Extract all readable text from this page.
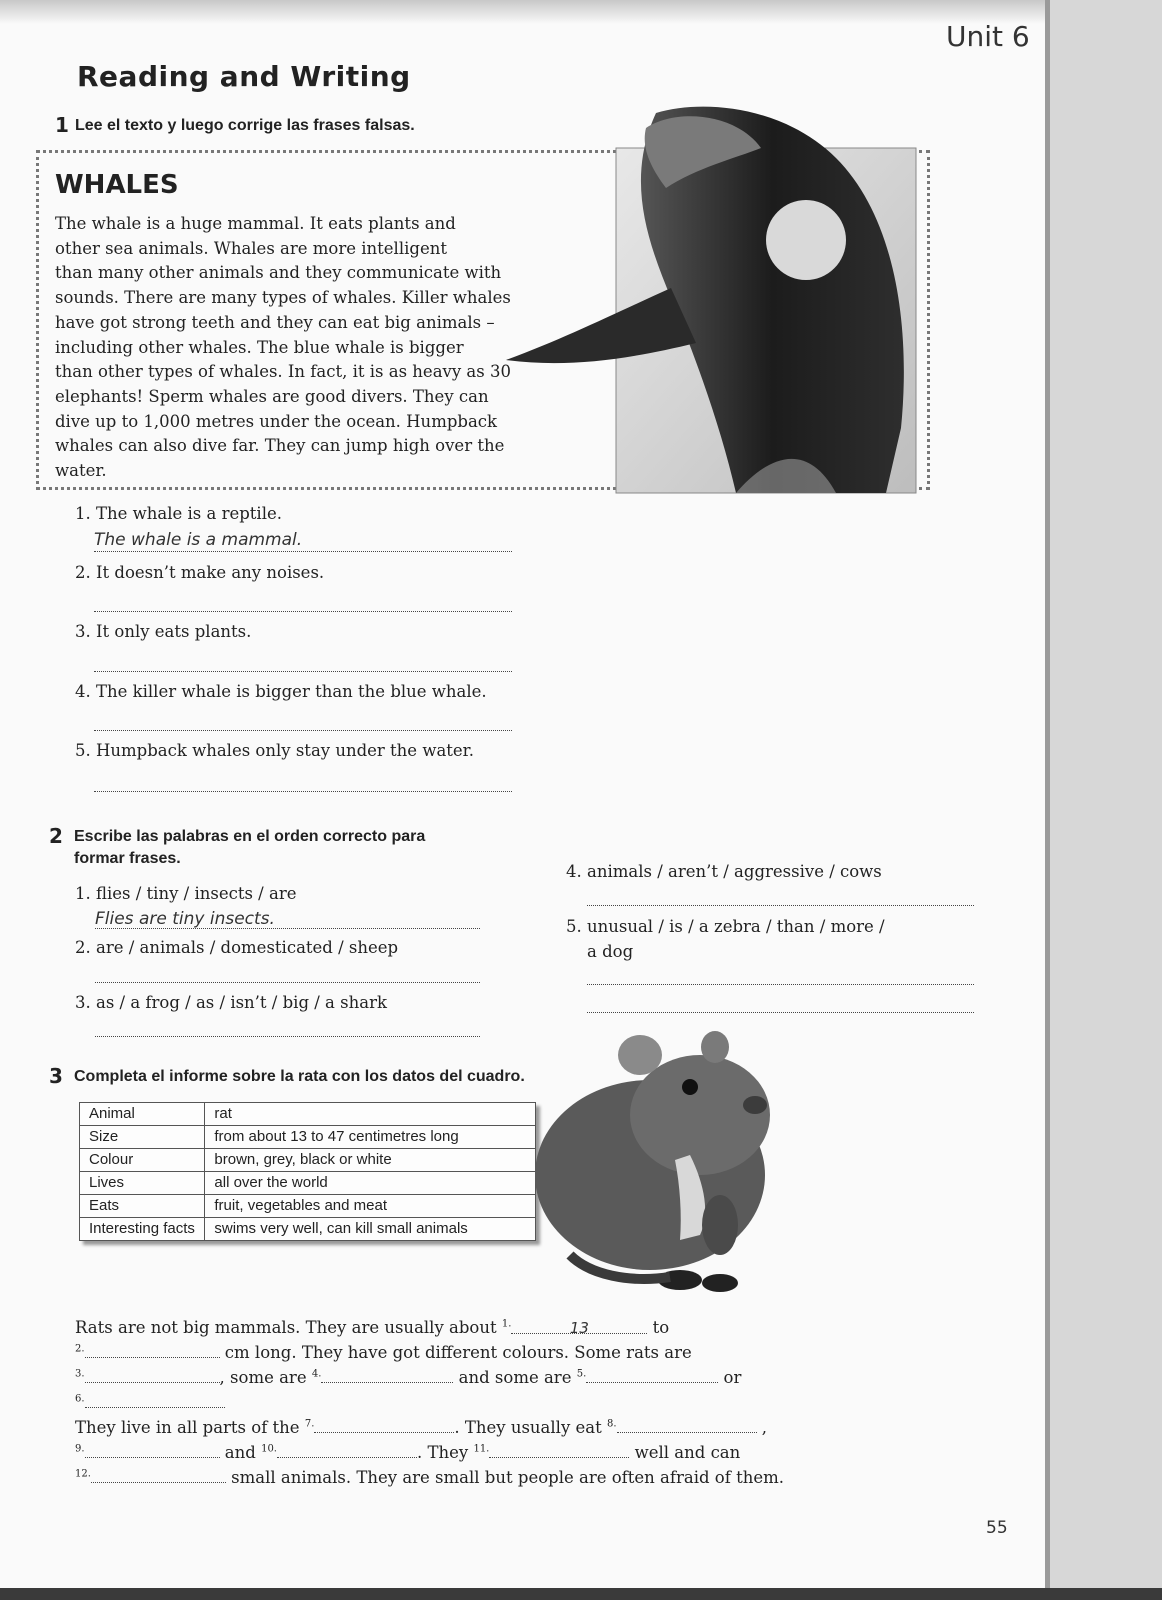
Unit 6
Reading and Writing
1 Lee el texto y luego corrige las frases falsas.
WHALES
The whale is a huge mammal. It eats plants and
other sea animals. Whales are more intelligent
than many other animals and they communicate with
sounds. There are many types of whales. Killer whales
have got strong teeth and they can eat big animals –
including other whales. The blue whale is bigger
than other types of whales. In fact, it is as heavy as 30
elephants! Sperm whales are good divers. They can
dive up to 1,000 metres under the ocean. Humpback
whales can also dive far. They can jump high over the
water.
1. The whale is a reptile.
The whale is a mammal.
2. It doesn’t make any noises.
3. It only eats plants.
4. The killer whale is bigger than the blue whale.
5. Humpback whales only stay under the water.
2 Escribe las palabras en el orden correcto para
formar frases.
1. flies / tiny / insects / are
Flies are tiny insects.
2. are / animals / domesticated / sheep
3. as / a frog / as / isn’t / big / a shark
4. animals / aren’t / aggressive / cows
5. unusual / is / a zebra / than / more /
a dog
3 Completa el informe sobre la rata con los datos del cuadro.
Animal	rat
Size	from about 13 to 47 centimetres long
Colour	brown, grey, black or white
Lives	all over the world
Eats	fruit, vegetables and meat
Interesting facts	swims very well, can kill small animals
Rats are not big mammals. They are usually about $^{1.}$	13	to
$^{2.}$	cm long. They have got different colours. Some rats are
$^{3.}$	, some are $^{4.}$	and some are $^{5.}$	or
$^{6.}$
They live in all parts of the $^{7.}$	. They usually eat $^{8.}$	,
$^{9.}$	and $^{10.}$	. They $^{11.}$	well and can
$^{12.}$	small animals. They are small but people are often afraid of them.
55
